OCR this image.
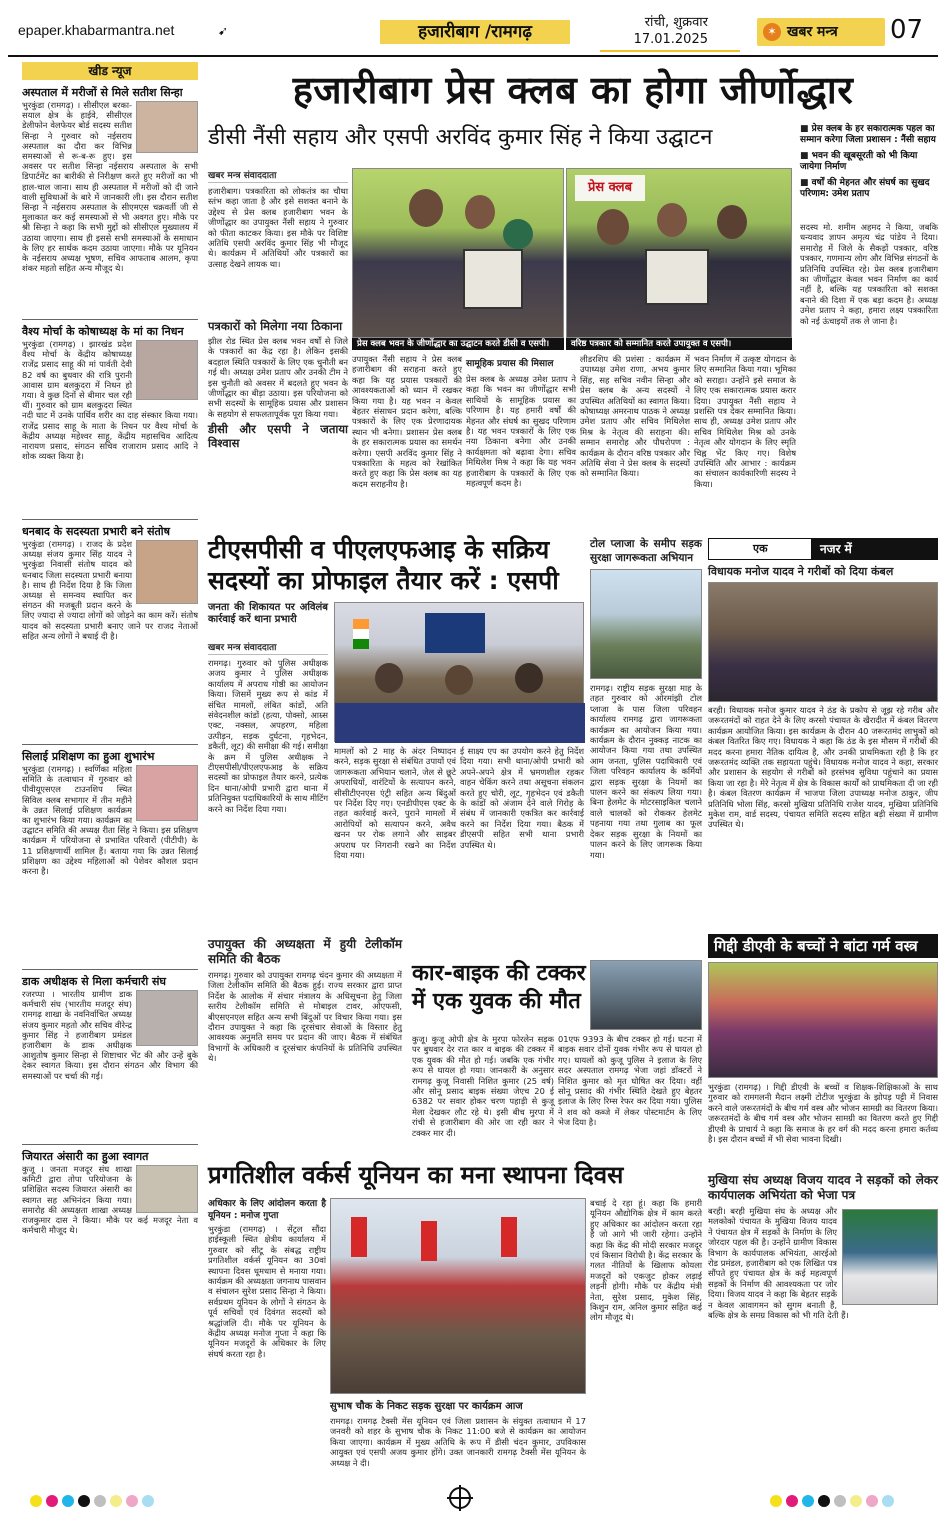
epaper.khabarmantra.net	➹	हजारीबाग /रामगढ़	रांची, शुक्रवार
17.01.2025
✶ खबर मन्त्र	07
खीड न्यूज
अस्पताल में मरीजों से मिले सतीश सिन्हा
भुरकुंडा (रामगढ़) । सीसीएल बरका-सयाल क्षेत्र के हाईवे, सीसीएल डेलीफोन वेलफेयर बोर्ड सदस्य सतीश सिन्हा ने गुरुवार को नईसराय अस्पताल का दौरा कर विभिन्न समस्याओं से रू-ब-रू हुए। इस अवसर पर सतीश सिन्हा नईसराय अस्पताल के सभी डिपार्टमेंट का बारीकी से निरीक्षण करते हुए मरीजों का भी हाल-चाल जाना। साथ ही अस्पताल में मरीजों को दी जाने वाली सुविधाओं के बारे में जानकारी ली। इस दौरान सतीश सिन्हा ने नईसराय अस्पताल के सीएमएस चक्रवर्ती जी से मुलाकात कर कई समस्याओं से भी अवगत हुए। मौके पर श्री सिन्हा ने कहा कि सभी मुद्दों को सीसीएल मुख्यालय में उठाया जाएगा। साथ ही इससे सभी समस्याओं के समाधान के लिए हर सार्थक कदम उठाया जाएगा। मौके पर यूनियन के नईसराय अध्यक्ष भूषण, सचिव आफताब आलम, कृपा शंकर महतो सहित अन्य मौजूद थे।
वैश्य मोर्चा के कोषाध्यक्ष के मां का निधन
भुरकुंडा (रामगढ़) । झारखंड प्रदेश वैश्य मोर्चा के केंद्रीय कोषाध्यक्ष राजेंद्र प्रसाद साहू की मां पार्वती देवी 82 वर्ष का बुधवार की रात्रि पुरानी आवास ग्राम बलकुदरा में निधन हो गया। वे कुछ दिनों से बीमार चल रही थीं। गुरुवार को ग्राम बलकुदरा स्थित नदी घाट में उनके पार्थिव शरीर का दाह संस्कार किया गया। राजेंद्र प्रसाद साहू के माता के निधन पर वैश्य मोर्चा के केंद्रीय अध्यक्ष महेश्वर साहू, केंद्रीय महासचिव आदित्य नारायण प्रसाद, संगठन सचिव राजाराम प्रसाद आदि ने शोक व्यक्त किया है।
धनबाद के सदस्यता प्रभारी बने संतोष
भुरकुंडा (रामगढ़) । राजद के प्रदेश अध्यक्ष संजय कुमार सिंह यादव ने भुरकुंडा निवासी संतोष यादव को धनबाद जिला सदस्यता प्रभारी बनाया है। साथ ही निर्देश दिया है कि जिला अध्यक्ष से समन्वय स्थापित कर संगठन की मजबूती प्रदान करने के लिए ज्यादा से ज्यादा लोगों को जोड़ने का काम करें। संतोष यादव को सदस्यता प्रभारी बनाए जाने पर राजद नेताओं सहित अन्य लोगों ने बधाई दी है।
सिलाई प्रशिक्षण का हुआ शुभारंभ
भुरकुंडा (रामगढ़) । स्वर्णिका महिला समिति के तत्वाधान में गुरुवार को पीवीयूएसएल टाउनशिप स्थित सिविल क्लब सभागार में तीन महीने के उन्नत सिलाई प्रशिक्षण कार्यक्रम का शुभारंभ किया गया। कार्यक्रम का उद्घाटन समिति की अध्यक्ष रीता सिंह ने किया। इस प्रशिक्षण कार्यक्रम में परियोजना से प्रभावित परिवारों (पीटीपी) के 11 प्रशिक्षणार्थी शामिल हैं। बताया गया कि उन्नत सिलाई प्रशिक्षण का उद्देश्य महिलाओं को पेशेवर कौशल प्रदान करना है।
डाक अधीक्षक से मिला कर्मचारी संघ
रजरप्पा । भारतीय ग्रामीण डाक कर्मचारी संघ (भारतीय मजदूर संघ) रामगढ़ शाखा के नवनिर्वाचित अध्यक्ष संजय कुमार महतो और सचिव वीरेन्द्र कुमार सिंह ने हजारीबाग प्रमंडल हजारीबाग के डाक अधीक्षक आशुतोष कुमार सिन्हा से शिष्टाचार भेंट की और उन्हें बुके देकर स्वागत किया। इस दौरान संगठन और विभाग की समस्याओं पर चर्चा की गई।
जियारत अंसारी का हुआ स्वागत
कुजू । जनता मजदूर संघ शाखा कमिटी द्वारा तोपा परियोजना के प्रशिक्षित सदस्य जियारत अंसारी का स्वागत सह अभिनंदन किया गया। समारोह की अध्यक्षता शाखा अध्यक्ष राजकुमार दास ने किया। मौके पर कई मजदूर नेता व कर्मचारी मौजूद थे।
हजारीबाग प्रेस क्लब का होगा जीर्णोद्धार
डीसी नैंसी सहाय और एसपी अरविंद कुमार सिंह ने किया उद्घाटन
■	प्रेस क्लब के हर सकारात्मक पहल का सम्मान करेगा जिला प्रशासन : नैंसी सहाय
■ भवन की खूबसूरती को भी किया जायेगा निर्माण
■ वर्षों की मेहनत और संघर्ष का सुखद परिणाम: उमेश प्रताप
खबर मन्त्र संवाददाता
हजारीबाग। पत्रकारिता को लोकतंत्र का चौथा स्तंभ कहा जाता है और इसे सशक्त बनाने के उद्देश्य से प्रेस क्लब हजारीबाग भवन के जीर्णोद्धार का उपायुक्त नैंसी सहाय ने गुरुवार को फीता काटकर किया। इस मौके पर विशिष्ट अतिथि एसपी अरविंद कुमार सिंह भी मौजूद थे। कार्यक्रम में अतिथियों और पत्रकारों का उत्साह देखने लायक था।
पत्रकारों को मिलेगा नया ठिकाना
झील रोड स्थित प्रेस क्लब भवन वर्षों से जिले के पत्रकारों का केंद्र रहा है। लेकिन इसकी बदहाल स्थिति पत्रकारों के लिए एक चुनौती बन गई थी। अध्यक्ष उमेश प्रताप और उनकी टीम ने इस चुनौती को अवसर में बदलते हुए भवन के जीर्णोद्धार का बीड़ा उठाया। इस परियोजना को सभी सदस्यों के सामूहिक प्रयास और प्रशासन के सहयोग से सफलतापूर्वक पूरा किया गया।
डीसी और एसपी ने जताया विश्वास
प्रेस क्लब भवन के जीर्णोद्धार का उद्घाटन करते डीसी व एसपी।
प्रेस क्लब
वरिष्ठ पत्रकार को सम्मानित करते उपायुक्त व एसपी।
सदस्य मो. शमीम अहमद ने किया, जबकि धन्यवाद ज्ञापन अमृत्य चंद्र पांडेय ने दिया। समारोह में जिले के सैकड़ों पत्रकार, वरिष्ठ पत्रकार, गणमान्य लोग और विभिन्न संगठनों के प्रतिनिधि उपस्थित रहे। प्रेस क्लब हजारीबाग का जीर्णोद्धार केवल भवन निर्माण का कार्य नहीं है, बल्कि यह पत्रकारिता को सशक्त बनाने की दिशा में एक बड़ा कदम है। अध्यक्ष उमेश प्रताप ने कहा, हमारा लक्ष्य पत्रकारिता को नई ऊंचाइयों तक ले जाना है।
उपायुक्त नैंसी सहाय ने प्रेस क्लब हजारीबाग की सराहना करते हुए कहा कि यह प्रयास पत्रकारों की आवश्यकताओं को ध्यान में रखकर किया गया है। यह भवन न केवल बेहतर संसाधन प्रदान करेगा, बल्कि पत्रकारों के लिए एक प्रेरणादायक स्थान भी बनेगा। प्रशासन प्रेस क्लब के हर सकारात्मक प्रयास का समर्थन करेगा। एसपी अरविंद कुमार सिंह ने पत्रकारिता के महत्व को रेखांकित करते हुए कहा कि प्रेस क्लब का यह कदम सराहनीय है।
सामूहिक प्रयास की मिसाल
प्रेस क्लब के अध्यक्ष उमेश प्रताप ने कहा कि भवन का जीर्णोद्धार सभी साथियों के सामूहिक प्रयास का परिणाम है। यह हमारी वर्षों की मेहनत और संघर्ष का सुखद परिणाम है। यह भवन पत्रकारों के लिए एक नया ठिकाना बनेगा और उनकी कार्यक्षमता को बढ़ावा देगा। सचिव मिथिलेश मिश्र ने कहा कि यह भवन हजारीबाग के पत्रकारों के लिए एक महत्वपूर्ण कदम है।
लीडरशिप की प्रशंसा : कार्यक्रम में उपाध्यक्ष उमेश राणा, अभय कुमार सिंह, सह सचिव नवीन सिन्हा और प्रेस क्लब के अन्य सदस्यों ने उपस्थित अतिथियों का स्वागत किया। कोषाध्यक्ष अमरनाथ पाठक ने अध्यक्ष उमेश प्रताप और सचिव मिथिलेश मिश्र के नेतृत्व की सराहना की। सम्मान समारोह और पौधरोपण : कार्यक्रम के दौरान वरिष्ठ पत्रकार और अतिथि सेवा ने प्रेस क्लब के सदस्यों को सम्मानित किया।
भवन निर्माण में उत्कृष्ट योगदान के लिए सम्मानित किया गया। भूमिका को सराहा। उन्होंने इसे समाज के लिए एक सकारात्मक प्रयास करार दिया। उपायुक्त नैंसी सहाय ने प्रशस्ति पत्र देकर सम्मानित किया। साथ ही, अध्यक्ष उमेश प्रताप और सचिव मिथिलेश मिश्र को उनके नेतृत्व और योगदान के लिए स्मृति चिह्न भेंट किए गए। विशेष उपस्थिति और आभार : कार्यक्रम का संचालन कार्यकारिणी सदस्य ने किया।
टीएसपीसी व पीएलएफआइ के सक्रिय सदस्यों का प्रोफाइल तैयार करें : एसपी
जनता की शिकायत पर अविलंब कार्रवाई करें थाना प्रभारी
खबर मन्त्र संवाददाता
रामगढ़। गुरुवार को पुलिस अधीक्षक अजय कुमार ने पुलिस अधीक्षक कार्यालय में अपराध गोष्ठी का आयोजन किया। जिसमें मुख्य रूप से कांड में संचित मामलों, लंबित कांडों, अति संवेदनशील कांडों (हत्या, पोक्सो, आम्र्स एक्ट, नक्सल, अपहरण, महिला उत्पीड़न, सड़क दुर्घटना, गृहभेदन, डकैती, लूट) की समीक्षा की गई। समीक्षा के क्रम में पुलिस अधीक्षक ने टीएसपीसी/पीएलएफआइ के सक्रिय सदस्यों का प्रोफाइल तैयार करने, प्रत्येक दिन थाना/ओपी प्रभारी द्वारा थाना में प्रतिनियुक्त पदाधिकारियों के साथ मीटिंग करने का निर्देश दिया गया।
मामलों को 2 माह के अंदर निष्पादन करने, सड़क सुरक्षा से संबंधित उपायों एवं जागरूकता अभियान चलाने, जेल से छूटे अपराधियों, वारंटियों के सत्यापन करने, सीसीटीएनएस एंट्री सहित अन्य बिंदुओं पर निर्देश दिए गए। एनडीपीएस एक्ट के तहत कार्रवाई करने, पुराने मामलों में आरोपियों को सत्यापन करने, अवैध खनन पर रोक लगाने और साइबर अपराध पर निगरानी रखने का निर्देश दिया गया।
ई साक्ष्य एप का उपयोग करने हेतु निर्देश दिया गया। सभी थाना/ओपी प्रभारी को अपने-अपने क्षेत्र में भ्रमणशील रहकर वाहन चेकिंग करने तथा असूचना संकलन करते हुए चोरी, लूट, गृहभेदन एवं डकैती के कांडों को अंजाम देने वाले गिरोह के संबंध में जानकारी एकत्रित कर कार्रवाई करने का निर्देश दिया गया। बैठक में डीएसपी सहित सभी थाना प्रभारी उपस्थित थे।
टोल प्लाजा के समीप सड़क सुरक्षा जागरूकता अभियान
रामगढ़। राष्ट्रीय सड़क सुरक्षा माह के तहत गुरुवार को ओरमांझी टोल प्लाजा के पास जिला परिवहन कार्यालय रामगढ़ द्वारा जागरूकता कार्यक्रम का आयोजन किया गया। कार्यक्रम के दौरान नुक्कड़ नाटक का आयोजन किया गया तथा उपस्थित आम जनता, पुलिस पदाधिकारी एवं जिला परिवहन कार्यालय के कर्मियों द्वारा सड़क सुरक्षा के नियमों का पालन करने का संकल्प लिया गया। बिना हेलमेट के मोटरसाइकिल चलाने वाले चालकों को रोककर हेलमेट पहनाया गया तथा गुलाब का फूल देकर सड़क सुरक्षा के नियमों का पालन करने के लिए जागरूक किया गया।
एक	नजर में
विधायक मनोज यादव ने गरीबों को दिया कंबल
बरही। विधायक मनोज कुमार यादव ने ठंड के प्रकोप से जूझ रहे गरीब और जरूरतमंदों को राहत देने के लिए करसो पंचायत के खैरादीत में कंबल वितरण कार्यक्रम आयोजित किया। इस कार्यक्रम के दौरान 40 जरूरतमंद लाभुकों को कंबल वितरित किए गए। विधायक ने कहा कि ठंड के इस मौसम में गरीबों की मदद करना हमारा नैतिक दायित्व है, और उनकी प्राथमिकता रही है कि हर जरूरतमंद व्यक्ति तक सहायता पहुंचे। विधायक मनोज यादव ने कहा, सरकार और प्रशासन के सहयोग से गरीबों को हरसंभव सुविधा पहुंचाने का प्रयास किया जा रहा है। मेरे नेतृत्व में क्षेत्र के विकास कार्यों को प्राथमिकता दी जा रही है। कंबल वितरण कार्यक्रम में भाजपा जिला उपाध्यक्ष मनोज ठाकुर, जीप प्रतिनिधि भोला सिंह, करसो मुखिया प्रतिनिधि राजेश यादव, मुखिया प्रतिनिधि मुकेश राम, वार्ड सदस्य, पंचायत समिति सदस्य सहित बड़ी संख्या में ग्रामीण उपस्थित थे।
उपायुक्त की अध्यक्षता में हुयी टेलीकॉम समिति की बैठक
रामगढ़। गुरुवार को उपायुक्त रामगढ़ चंदन कुमार की अध्यक्षता में जिला टेलीकॉम समिति की बैठक हुई। राज्य सरकार द्वारा प्राप्त निर्देश के आलोक में संचार मंत्रालय के अधिसूचना हेतु जिला स्तरीय टेलीकॉम समिति से मोबाइल टावर, ओएफसी, बीएसएनएल सहित अन्य सभी बिंदुओं पर विचार किया गया। इस दौरान उपायुक्त ने कहा कि दूरसंचार सेवाओं के विस्तार हेतु आवश्यक अनुमति समय पर प्रदान की जाए। बैठक में संबंधित विभागों के अधिकारी व दूरसंचार कंपनियों के प्रतिनिधि उपस्थित थे।
कार-बाइक की टक्कर में एक युवक की मौत
कुजू। कुजू ओपी क्षेत्र के मुरपा फोरलेन सड़क पर बुधवार देर रात कार व बाइक की टक्कर में एक युवक की मौत हो गई। जबकि एक गंभीर रूप से घायल हो गया। जानकारी के अनुसार रामगढ़ कुजू निवासी निशित कुमार (25 वर्ष) और सोनू प्रसाद बाइक संख्या जेएच 20 ई 6382 पर सवार होकर चरण पहाड़ी से कुजू मेला देखकर लौट रहे थे। इसी बीच मुरपा में रांची से हजारीबाग की ओर जा रही कार ने टक्कर मार दी।
01एफ 9393 के बीच टक्कर हो गई। घटना में बाइक सवार दोनों युवक गंभीर रूप से घायल हो गए। घायलों को कुजू पुलिस ने इलाज के लिए सदर अस्पताल रामगढ़ भेजा जहां डॉक्टरों ने निशित कुमार को मृत घोषित कर दिया। वहीं सोनू प्रसाद की गंभीर स्थिति देखते हुए बेहतर इलाज के लिए रिम्स रेफर कर दिया गया। पुलिस ने शव को कब्जे में लेकर पोस्टमार्टम के लिए भेज दिया है।
गिद्दी डीएवी के बच्चों ने बांटा गर्म वस्त्र
भुरकुंडा (रामगढ़) । गिद्दी डीएवी के बच्चों व शिक्षक-शिक्षिकाओं के साथ गुरुवार को रामगलनी मैदान लक्ष्मी टोटीज भुरकुंडा के झोपड़ पट्टी में निवास करने वाले जरूरतमंदों के बीच गर्म वस्त्र और भोजन सामग्री का वितरण किया। जरूरतमंदों के बीच गर्म वस्त्र और भोजन सामग्री का वितरण करते हुए गिद्दी डीएवी के प्राचार्य ने कहा कि समाज के हर वर्ग की मदद करना हमारा कर्तव्य है। इस दौरान बच्चों में भी सेवा भावना दिखी।
मुखिया संघ अध्यक्ष विजय यादव ने सड़कों को लेकर कार्यपालक अभियंता को भेजा पत्र
बरही। बरही मुखिया संघ के अध्यक्ष और मलकोको पंचायत के मुखिया विजय यादव ने पंचायत क्षेत्र में सड़कों के निर्माण के लिए जोरदार पहल की है। उन्होंने ग्रामीण विकास विभाग के कार्यपालक अभियंता, आरईओ रोड प्रमंडल, हजारीबाग को एक लिखित पत्र सौंपते हुए पंचायत क्षेत्र के कई महत्वपूर्ण सड़कों के निर्माण की आवश्यकता पर जोर दिया। विजय यादव ने कहा कि बेहतर सड़कें न केवल आवागमन को सुगम बनाती हैं, बल्कि क्षेत्र के समग्र विकास को भी गति देती हैं।
प्रगतिशील वर्कर्स यूनियन का मना स्थापना दिवस
अधिकार के लिए आंदोलन करता है यूनियन : मनोज गुप्ता
भुरकुंडा (रामगढ़) । सेंट्रल सौंदा हाईस्कूली स्थित क्षेत्रीय कार्यालय में गुरुवार को सीटू के संबद्ध राष्ट्रीय प्रगतिशील वर्कर्स यूनियन का 30वां स्थापना दिवस धूमधाम से मनाया गया। कार्यक्रम की अध्यक्षता जगनाथ पासवान व संचालन सुरेश प्रसाद सिन्हा ने किया। सर्वप्रथम यूनियन के लोगों ने संगठन के पूर्व सचिवों एवं दिवंगत सदस्यों को श्रद्धांजलि दी। मौके पर यूनियन के केंद्रीय अध्यक्ष मनोज गुप्ता ने कहा कि यूनियन मजदूरों के अधिकार के लिए संघर्ष करता रहा है।
बचाई दे रहा हूं। कहा कि हमारी यूनियन औद्योगिक क्षेत्र में काम करते हुए अधिकार का आंदोलन करता रहा है जो आगे भी जारी रहेगा। उन्होंने कहा कि केंद्र की मोदी सरकार मजदूर एवं किसान विरोधी है। केंद्र सरकार के गलत नीतियों के खिलाफ कोयला मजदूरों को एकजुट होकर लड़ाई लड़नी होगी। मौके पर केंद्रीय मंत्री नेता, सुरेश प्रसाद, मुकेश सिंह, किशुन राम, अनिल कुमार सहित कई लोग मौजूद थे।
सुभाष चौक के निकट सड़क सुरक्षा पर कार्यक्रम आज
रामगढ़। रामगढ़ टैक्सी मेंस यूनियन एवं जिला प्रशासन के संयुक्त तत्वाधान में 17 जनवरी को शहर के सुभाष चौक के निकट 11:00 बजे से कार्यक्रम का आयोजन किया जाएगा। कार्यक्रम में मुख्य अतिथि के रूप में डीसी चंदन कुमार, उपविकास आयुक्त एवं एसपी अजय कुमार होंगे। उक्त जानकारी रामगढ़ टैक्सी मेंस यूनियन के अध्यक्ष ने दी।
